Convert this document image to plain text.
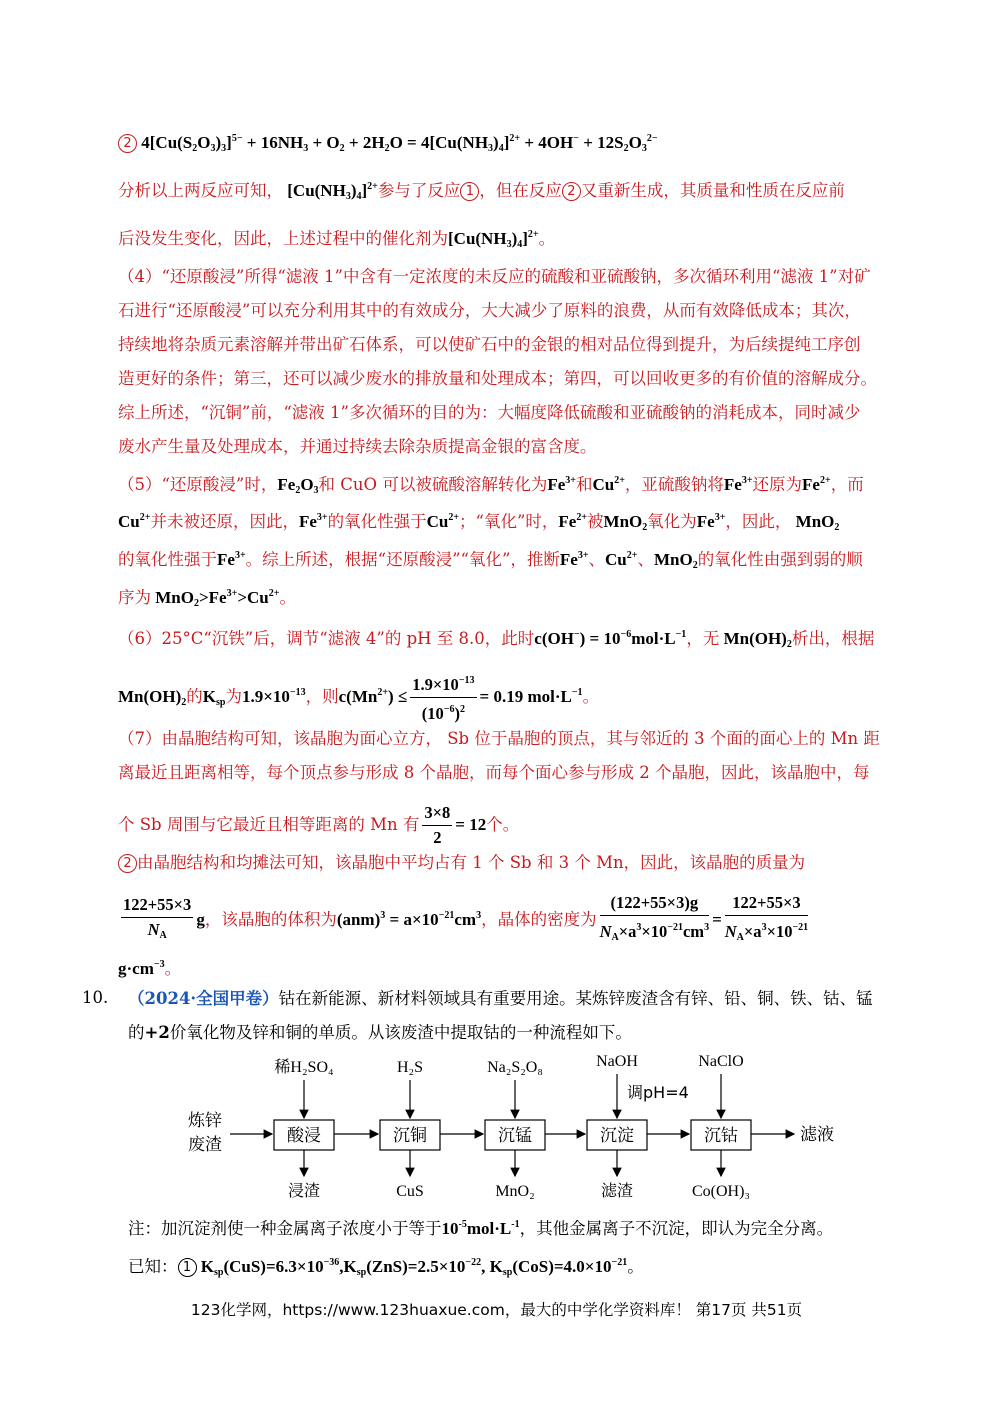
2 $4[Cu(S_2O_3)_3]^{5-} + 16NH_3 + O_2 + 2H_2O = 4[Cu(NH_3)_4]^{2+} + 4OH^- + 12S_2O_3^{2-}$
分析以上两反应可知， $[Cu(NH_3)_4]^{2+}$参与了反应 1 ，但在反应 2 又重新生成，其质量和性质在反应前
后没发生变化，因此，上述过程中的催化剂为$[Cu(NH_3)_4]^{2+}$。
（4）“还原酸浸”所得“滤液 1”中含有一定浓度的未反应的硫酸和亚硫酸钠，多次循环利用“滤液 1”对矿
石进行“还原酸浸”可以充分利用其中的有效成分，大大减少了原料的浪费，从而有效降低成本；其次，
持续地将杂质元素溶解并带出矿石体系，可以使矿石中的金银的相对品位得到提升，为后续提纯工序创
造更好的条件；第三，还可以减少废水的排放量和处理成本；第四，可以回收更多的有价值的溶解成分。
综上所述，“沉铜”前，“滤液 1”多次循环的目的为：大幅度降低硫酸和亚硫酸钠的消耗成本，同时减少
废水产生量及处理成本，并通过持续去除杂质提高金银的富含度。
（5）“还原酸浸”时，$Fe_2O_3$和 CuO 可以被硫酸溶解转化为$Fe^{3+}$和$Cu^{2+}$，亚硫酸钠将$Fe^{3+}$还原为$Fe^{2+}$，而
$Cu^{2+}$并未被还原，因此，$Fe^{3+}$的氧化性强于$Cu^{2+}$；“氧化”时，$Fe^{2+}$被MnO$_2$氧化为$Fe^{3+}$，因此， MnO$_2$
的氧化性强于$Fe^{3+}$。综上所述，根据“还原酸浸”“氧化”，推断$Fe^{3+}$、$Cu^{2+}$、MnO$_2$的氧化性由强到弱的顺
序为 $MnO_2>Fe^{3+}>Cu^{2+}$。
（6）25°C“沉铁”后，调节“滤液 4”的 pH 至 8.0，此时$c(OH^-) = 10^{-6}mol\cdot L^{-1}$，无 $Mn(OH)_2$析出，根据
$Mn(OH)_2$的$K_{sp}$为$1.9\times 10^{-13}$，则$c(Mn^{2+}) \le \frac{1.9\times 10^{-13}}{(10^{-6})^2} = 0.19$ $mol\cdot L^{-1}$。
（7）由晶胞结构可知，该晶胞为面心立方， Sb 位于晶胞的顶点，其与邻近的 3 个面的面心上的 Mn 距
离最近且距离相等，每个顶点参与形成 8 个晶胞，而每个面心参与形成 2 个晶胞，因此，该晶胞中，每
个 Sb 周围与它最近且相等距离的 Mn 有 $\frac{3\times 8}{2} = 12$个。
2 由晶胞结构和均摊法可知，该晶胞中平均占有 1 个 Sb 和 3 个 Mn，因此，该晶胞的质量为
$\frac{122+55\times 3}{N_A}$ g，该晶胞的体积为$(anm)^3 = a\times 10^{-21}cm^3$，晶体的密度为 $\frac{(122+55\times 3)g}{N_A\times a^3\times 10^{-21}cm^3} = \frac{122+55\times 3}{N_A\times a^3\times 10^{-21}}$
$g\cdot cm^{-3}$。
10. （2024·全国甲卷）钴在新能源、新材料领域具有重要用途。某炼锌废渣含有锌、铅、铜、铁、钴、锰
的+2价氧化物及锌和铜的单质。从该废渣中提取钴的一种流程如下。
炼锌
废渣	酸浸	沉铜	沉锰	沉淀	沉钴	滤液
稀H₂SO₄	H₂S	Na₂S₂O₈	NaOH
调pH=4
NaClO
浸渣	CuS	MnO₂	滤渣	Co(OH)₃
注：加沉淀剂使一种金属离子浓度小于等于$10^{-5}mol\cdot L^{-1}$，其他金属离子不沉淀，即认为完全分离。
已知： 1 $K_{sp}(CuS)=6.3\times 10^{-36},K_{sp}(ZnS)=2.5\times 10^{-22}$, $K_{sp}(CoS)=4.0\times 10^{-21}$。
123化学网，https://www.123huaxue.com，最大的中学化学资料库！ 第17页 共51页
